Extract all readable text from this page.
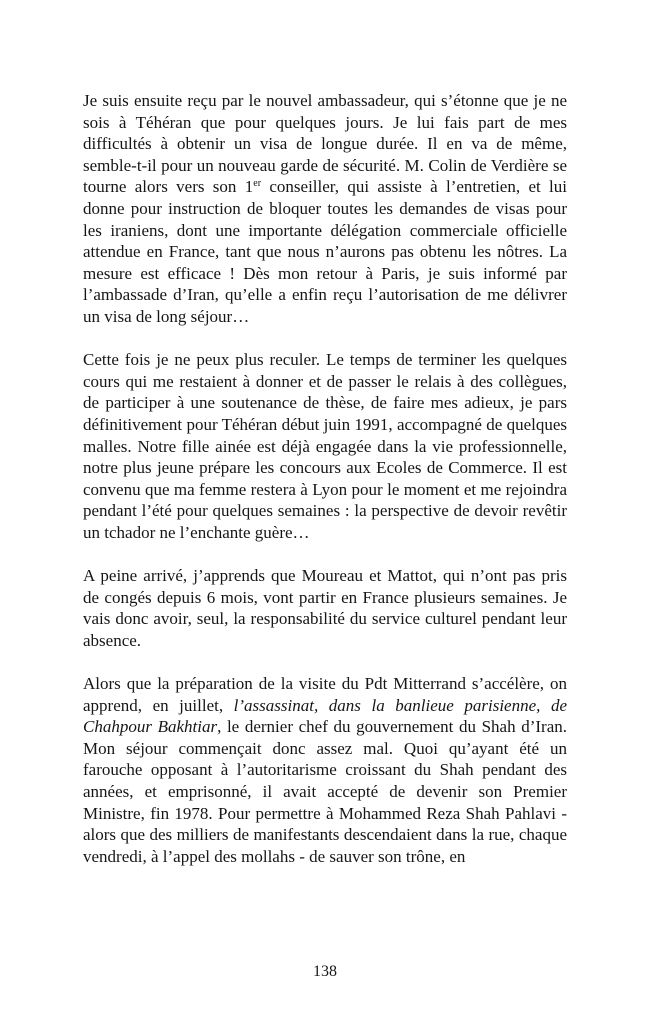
Je suis ensuite reçu par le nouvel ambassadeur, qui s’étonne que je ne sois à Téhéran que pour quelques jours. Je lui fais part de mes difficultés à obtenir un visa de longue durée. Il en va de même, semble-t-il pour un nouveau garde de sécurité. M. Colin de Verdière se tourne alors vers son 1er conseiller, qui assiste à l’entretien, et lui donne pour instruction de bloquer toutes les demandes de visas pour les iraniens, dont une importante délégation commerciale officielle attendue en France, tant que nous n’aurons pas obtenu les nôtres. La mesure est efficace ! Dès mon retour à Paris, je suis informé par l’ambassade d’Iran, qu’elle a enfin reçu l’autorisation de me délivrer un visa de long séjour…

Cette fois je ne peux plus reculer. Le temps de terminer les quelques cours qui me restaient à donner et de passer le relais à des collègues, de participer à une soutenance de thèse, de faire mes adieux, je pars définitivement pour Téhéran début juin 1991, accompagné de quelques malles. Notre fille ainée est déjà engagée dans la vie professionnelle, notre plus jeune prépare les concours aux Ecoles de Commerce. Il est convenu que ma femme restera à Lyon pour le moment et me rejoindra pendant l’été pour quelques semaines : la perspective de devoir revêtir un tchador ne l’enchante guère…

A peine arrivé, j’apprends que Moureau et Mattot, qui n’ont pas pris de congés depuis 6 mois, vont partir en France plusieurs semaines. Je vais donc avoir, seul, la responsabilité du service culturel pendant leur absence.

Alors que la préparation de la visite du Pdt Mitterrand s’accélère, on apprend, en juillet, l’assassinat, dans la banlieue parisienne, de Chahpour Bakhtiar, le dernier chef du gouvernement du Shah d’Iran. Mon séjour commençait donc assez mal. Quoi qu’ayant été un farouche opposant à l’autoritarisme croissant du Shah pendant des années, et emprisonné, il avait accepté de devenir son Premier Ministre, fin 1978. Pour permettre à Mohammed Reza Shah Pahlavi - alors que des milliers de manifestants descendaient dans la rue, chaque vendredi, à l’appel des mollahs - de sauver son trône, en

138
